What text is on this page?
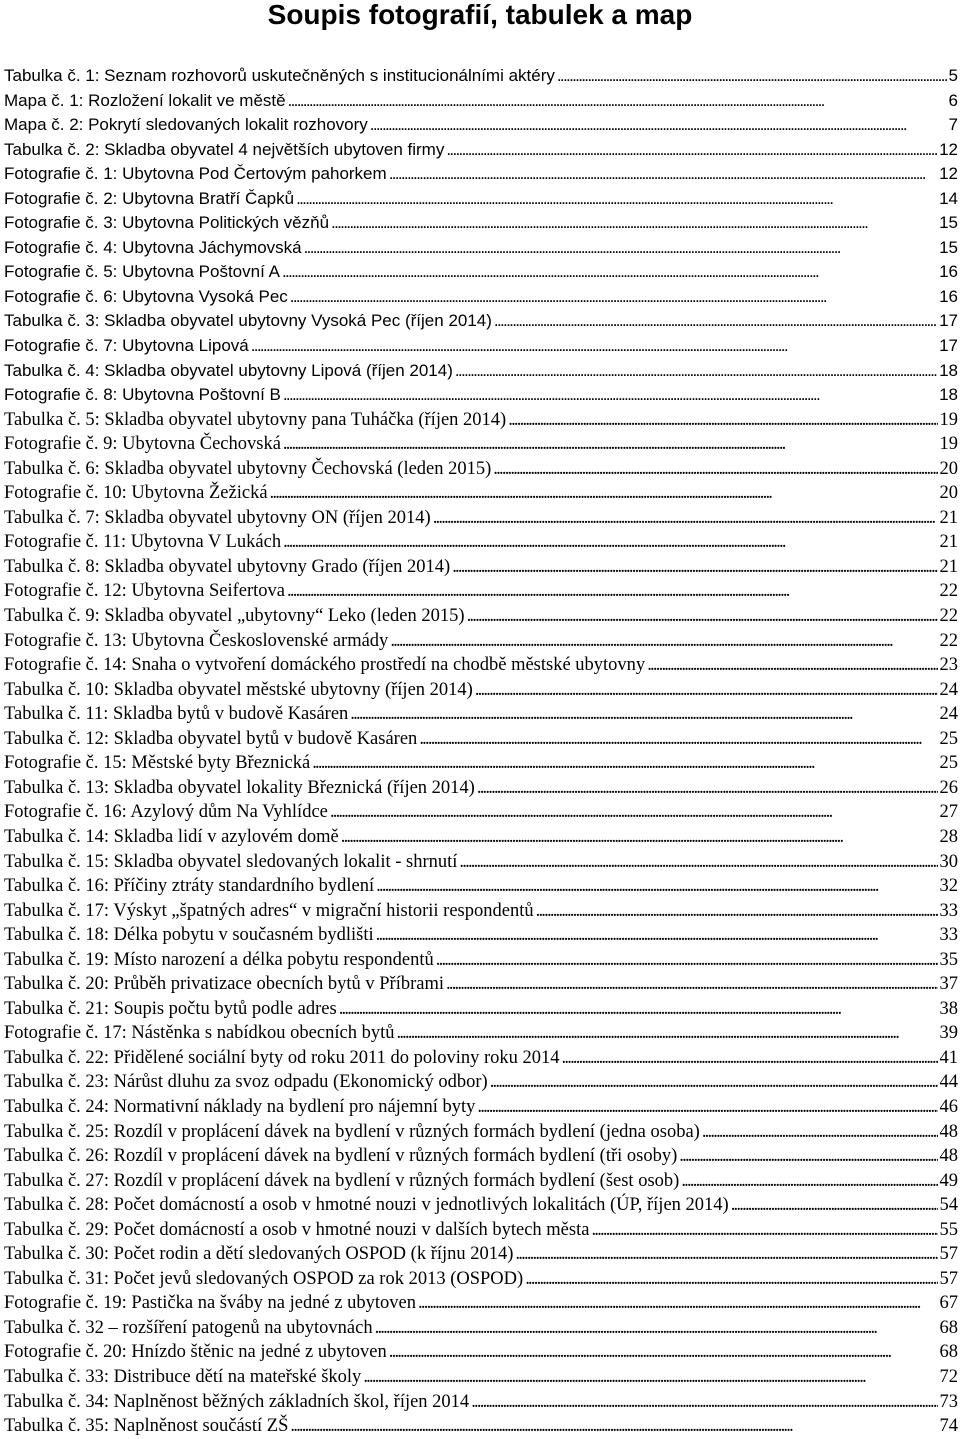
Soupis fotografií, tabulek a map
Tabulka č. 1: Seznam rozhovorů uskutečněných s institucionálními aktéry . . .	5
Mapa č. 1: Rozložení lokalit ve městě . . .	6
Mapa č. 2: Pokrytí sledovaných lokalit rozhovory . . .	7
Tabulka č. 2: Skladba obyvatel 4 největších ubytoven firmy . . .	12
Fotografie č. 1: Ubytovna Pod Čertovým pahorkem . . .	12
Fotografie č. 2: Ubytovna Bratří Čapků . . .	14
Fotografie č. 3: Ubytovna Politických vězňů . . .	15
Fotografie č. 4: Ubytovna Jáchymovská . . .	15
Fotografie č. 5: Ubytovna Poštovní A . . .	16
Fotografie č. 6: Ubytovna Vysoká Pec . . .	16
Tabulka č. 3: Skladba obyvatel ubytovny Vysoká Pec (říjen 2014) . . .	17
Fotografie č. 7: Ubytovna Lipová . . .	17
Tabulka č. 4: Skladba obyvatel ubytovny Lipová (říjen 2014) . . .	18
Fotografie č. 8: Ubytovna Poštovní B . . .	18
Tabulka č. 5: Skladba obyvatel ubytovny pana Tuháčka (říjen 2014) . . .	19
Fotografie č. 9: Ubytovna Čechovská . . .	19
Tabulka č. 6: Skladba obyvatel ubytovny Čechovská (leden 2015) . . .	20
Fotografie č. 10: Ubytovna Žežická . . .	20
Tabulka č. 7: Skladba obyvatel ubytovny ON (říjen 2014) . . .	21
Fotografie č. 11: Ubytovna V Lukách . . .	21
Tabulka č. 8: Skladba obyvatel ubytovny Grado (říjen 2014) . . .	21
Fotografie č. 12: Ubytovna Seifertova . . .	22
Tabulka č. 9: Skladba obyvatel „ubytovny“ Leko (leden 2015) . . .	22
Fotografie č. 13: Ubytovna Československé armády . . .	22
Fotografie č. 14: Snaha o vytvoření domáckého prostředí na chodbě městské ubytovny . . .	23
Tabulka č. 10: Skladba obyvatel městské ubytovny (říjen 2014) . . .	24
Tabulka č. 11: Skladba bytů v budově Kasáren . . .	24
Tabulka č. 12: Skladba obyvatel bytů v budově Kasáren . . .	25
Fotografie č. 15: Městské byty Březnická . . .	25
Tabulka č. 13: Skladba obyvatel lokality Březnická (říjen 2014) . . .	26
Fotografie č. 16: Azylový dům Na Vyhlídce . . .	27
Tabulka č. 14: Skladba lidí v azylovém domě . . .	28
Tabulka č. 15: Skladba obyvatel sledovaných lokalit - shrnutí . . .	30
Tabulka č. 16: Příčiny ztráty standardního bydlení . . .	32
Tabulka č. 17: Výskyt „špatných adres“ v migrační historii respondentů . . .	33
Tabulka č. 18: Délka pobytu v současném bydlišti . . .	33
Tabulka č. 19: Místo narození a délka pobytu respondentů . . .	35
Tabulka č. 20: Průběh privatizace obecních bytů v Příbrami . . .	37
Tabulka č. 21: Soupis počtu bytů podle adres . . .	38
Fotografie č. 17: Nástěnka s nabídkou obecních bytů . . .	39
Tabulka č. 22: Přidělené sociální byty od roku 2011 do poloviny roku 2014 . . .	41
Tabulka č. 23: Nárůst dluhu za svoz odpadu (Ekonomický odbor) . . .	44
Tabulka č. 24: Normativní náklady na bydlení pro nájemní byty . . .	46
Tabulka č. 25: Rozdíl v proplácení dávek na bydlení v různých formách bydlení (jedna osoba) . . .	48
Tabulka č. 26: Rozdíl v proplácení dávek na bydlení v různých formách bydlení (tři osoby) . . .	48
Tabulka č. 27: Rozdíl v proplácení dávek na bydlení v různých formách bydlení (šest osob) . . .	49
Tabulka č. 28: Počet domácností a osob v hmotné nouzi v jednotlivých lokalitách (ÚP, říjen 2014) . . .	54
Tabulka č. 29: Počet domácností a osob v hmotné nouzi v dalších bytech města . . .	55
Tabulka č. 30: Počet rodin a dětí sledovaných OSPOD (k říjnu 2014) . . .	57
Tabulka č. 31: Počet jevů sledovaných OSPOD za rok 2013 (OSPOD) . . .	57
Fotografie č. 19: Pastička na šváby na jedné z ubytoven . . .	67
Tabulka č. 32 – rozšíření patogenů na ubytovnách . . .	68
Fotografie č. 20: Hnízdo štěnic na jedné z ubytoven . . .	68
Tabulka č. 33: Distribuce dětí na mateřské školy . . .	72
Tabulka č. 34: Naplněnost běžných základních škol, říjen 2014 . . .	73
Tabulka č. 35: Naplněnost součástí ZŠ . . .	74
